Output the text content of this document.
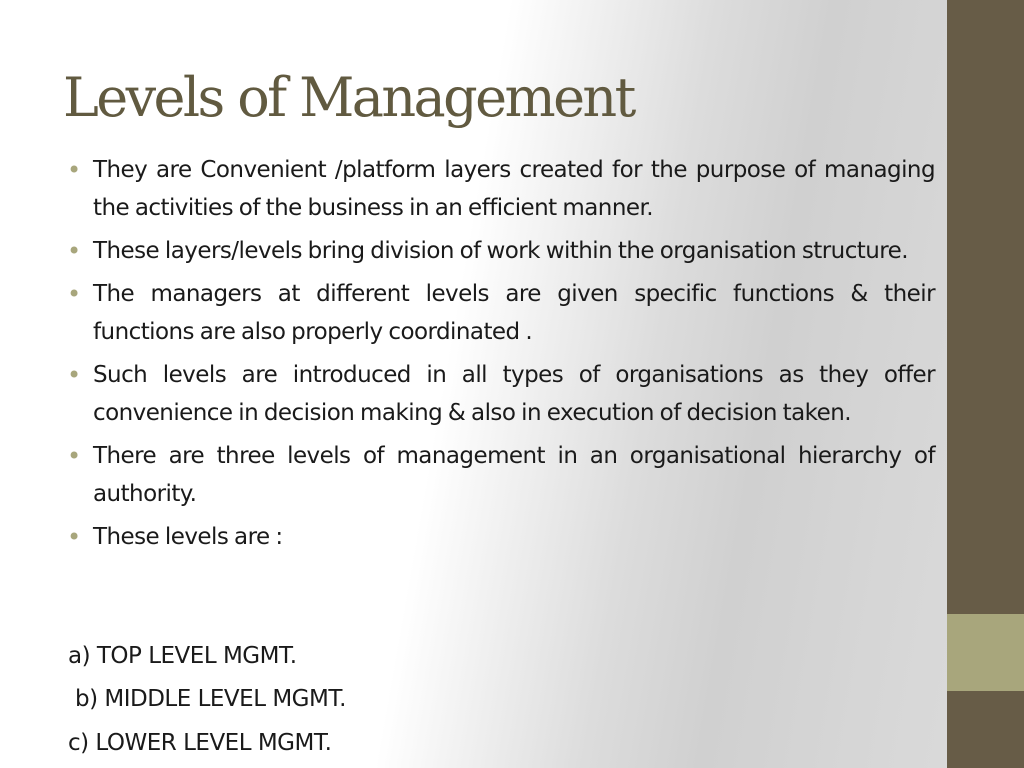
Levels of Management
• They are Convenient /platform layers created for the purpose of managing the activities of the business in an efficient manner.
• These layers/levels bring division of work within the organisation structure.
• The managers at different levels are given specific functions & their functions are also properly coordinated .
• Such levels are introduced in all types of organisations as they offer convenience in decision making & also in execution of decision taken.
• There are three levels of management in an organisational hierarchy of authority.
• These levels are :
a) TOP LEVEL MGMT.
b) MIDDLE LEVEL MGMT.
c) LOWER LEVEL MGMT.
